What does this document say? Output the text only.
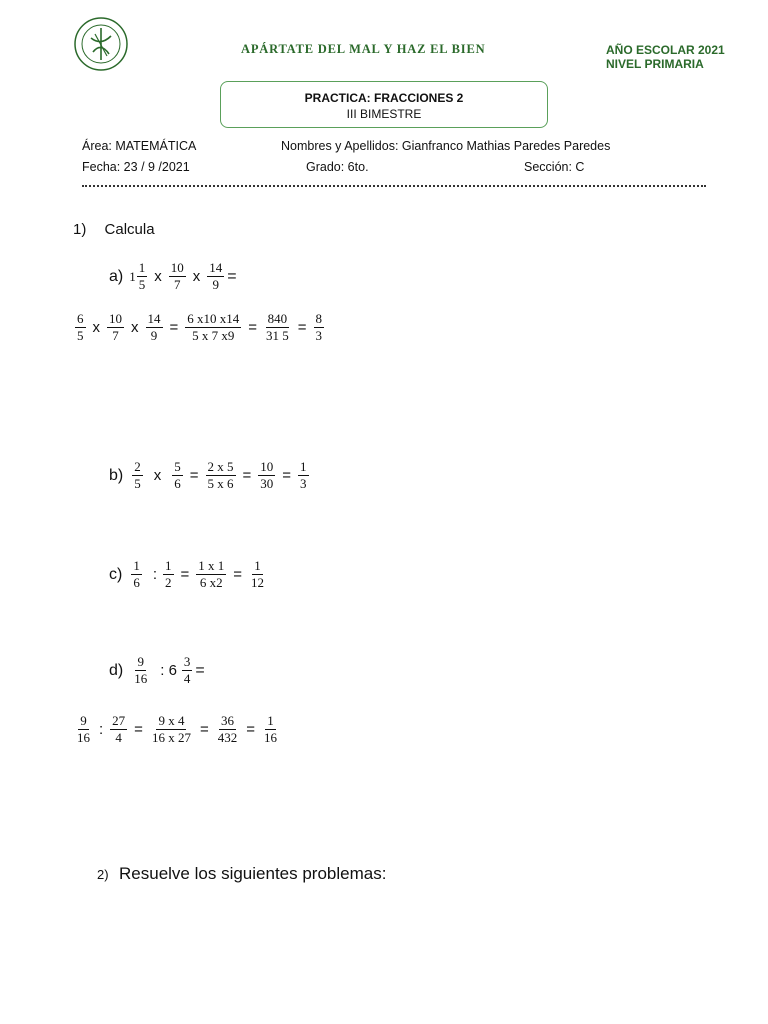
APÁRTATE DEL MAL Y HAZ EL BIEN	AÑO ESCOLAR 2021
NIVEL PRIMARIA
PRACTICA: FRACCIONES 2
III BIMESTRE
Área: MATEMÁTICA	Nombres y Apellidos: Gianfranco Mathias Paredes Paredes
Fecha: 23 / 9 /2021	Grado: 6to.	Sección: C
1) Calcula
a) $1 \frac{1}{5}$ x $\frac{10}{7}$ x $\frac{14}{9}$ =
$\frac{6}{5}$ x $\frac{10}{7}$ x $\frac{14}{9} = \frac{6 x10 x14}{5 x 7 x9} = \frac{840}{31 5} = \frac{8}{3}$
$b) \frac{2}{5}$ x $\frac{5}{6} = \frac{2 x 5}{5 x 6} = \frac{10}{30} = \frac{1}{3}$
$c) \frac{1}{6}$ : $\frac{1}{2} = \frac{1 x 1}{6 x2} = \frac{1}{12}$
$d) \frac{9}{16}$ : $6 \frac{3}{4}$ =
$\frac{9}{16}$ : $\frac{27}{4} = \frac{9 x 4}{16 x 27} = \frac{36}{432} = \frac{1}{16}$
2) Resuelve los siguientes problemas:
